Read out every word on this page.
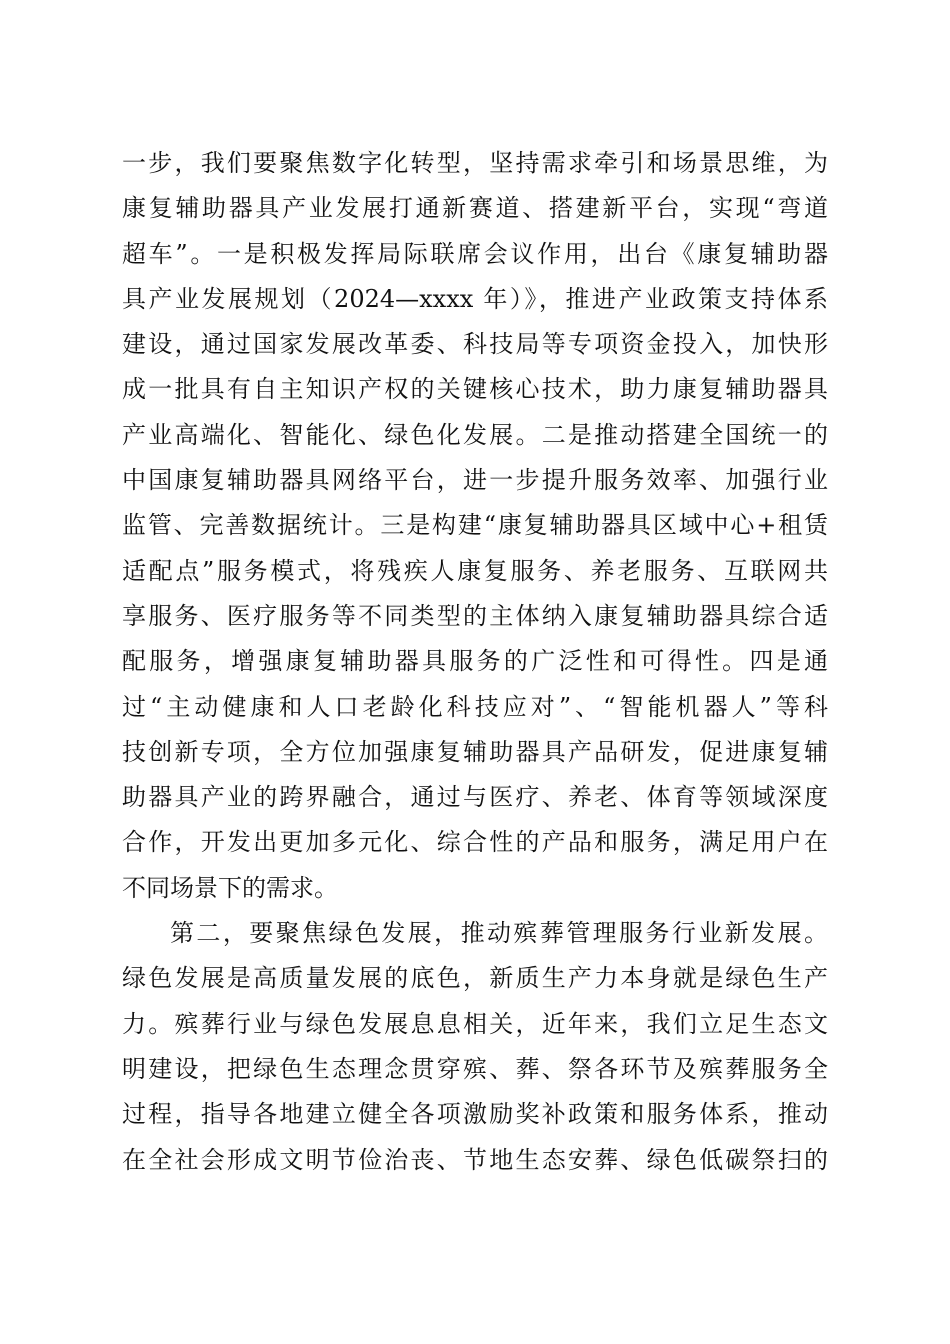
一步，我们要聚焦数字化转型，坚持需求牵引和场景思维，为
康复辅助器具产业发展打通新赛道、搭建新平台，实现“弯道
超车”。一是积极发挥局际联席会议作用，出台《康复辅助器
具产业发展规划（2024—xxxx 年）》，推进产业政策支持体系
建设，通过国家发展改革委、科技局等专项资金投入，加快形
成一批具有自主知识产权的关键核心技术，助力康复辅助器具
产业高端化、智能化、绿色化发展。二是推动搭建全国统一的
中国康复辅助器具网络平台，进一步提升服务效率、加强行业
监管、完善数据统计。三是构建“康复辅助器具区域中心+租赁
适配点”服务模式，将残疾人康复服务、养老服务、互联网共
享服务、医疗服务等不同类型的主体纳入康复辅助器具综合适
配服务，增强康复辅助器具服务的广泛性和可得性。四是通
过“主动健康和人口老龄化科技应对”、“智能机器人”等科
技创新专项，全方位加强康复辅助器具产品研发，促进康复辅
助器具产业的跨界融合，通过与医疗、养老、体育等领域深度
合作，开发出更加多元化、综合性的产品和服务，满足用户在
不同场景下的需求。
第二，要聚焦绿色发展，推动殡葬管理服务行业新发展。
绿色发展是高质量发展的底色，新质生产力本身就是绿色生产
力。殡葬行业与绿色发展息息相关，近年来，我们立足生态文
明建设，把绿色生态理念贯穿殡、葬、祭各环节及殡葬服务全
过程，指导各地建立健全各项激励奖补政策和服务体系，推动
在全社会形成文明节俭治丧、节地生态安葬、绿色低碳祭扫的
